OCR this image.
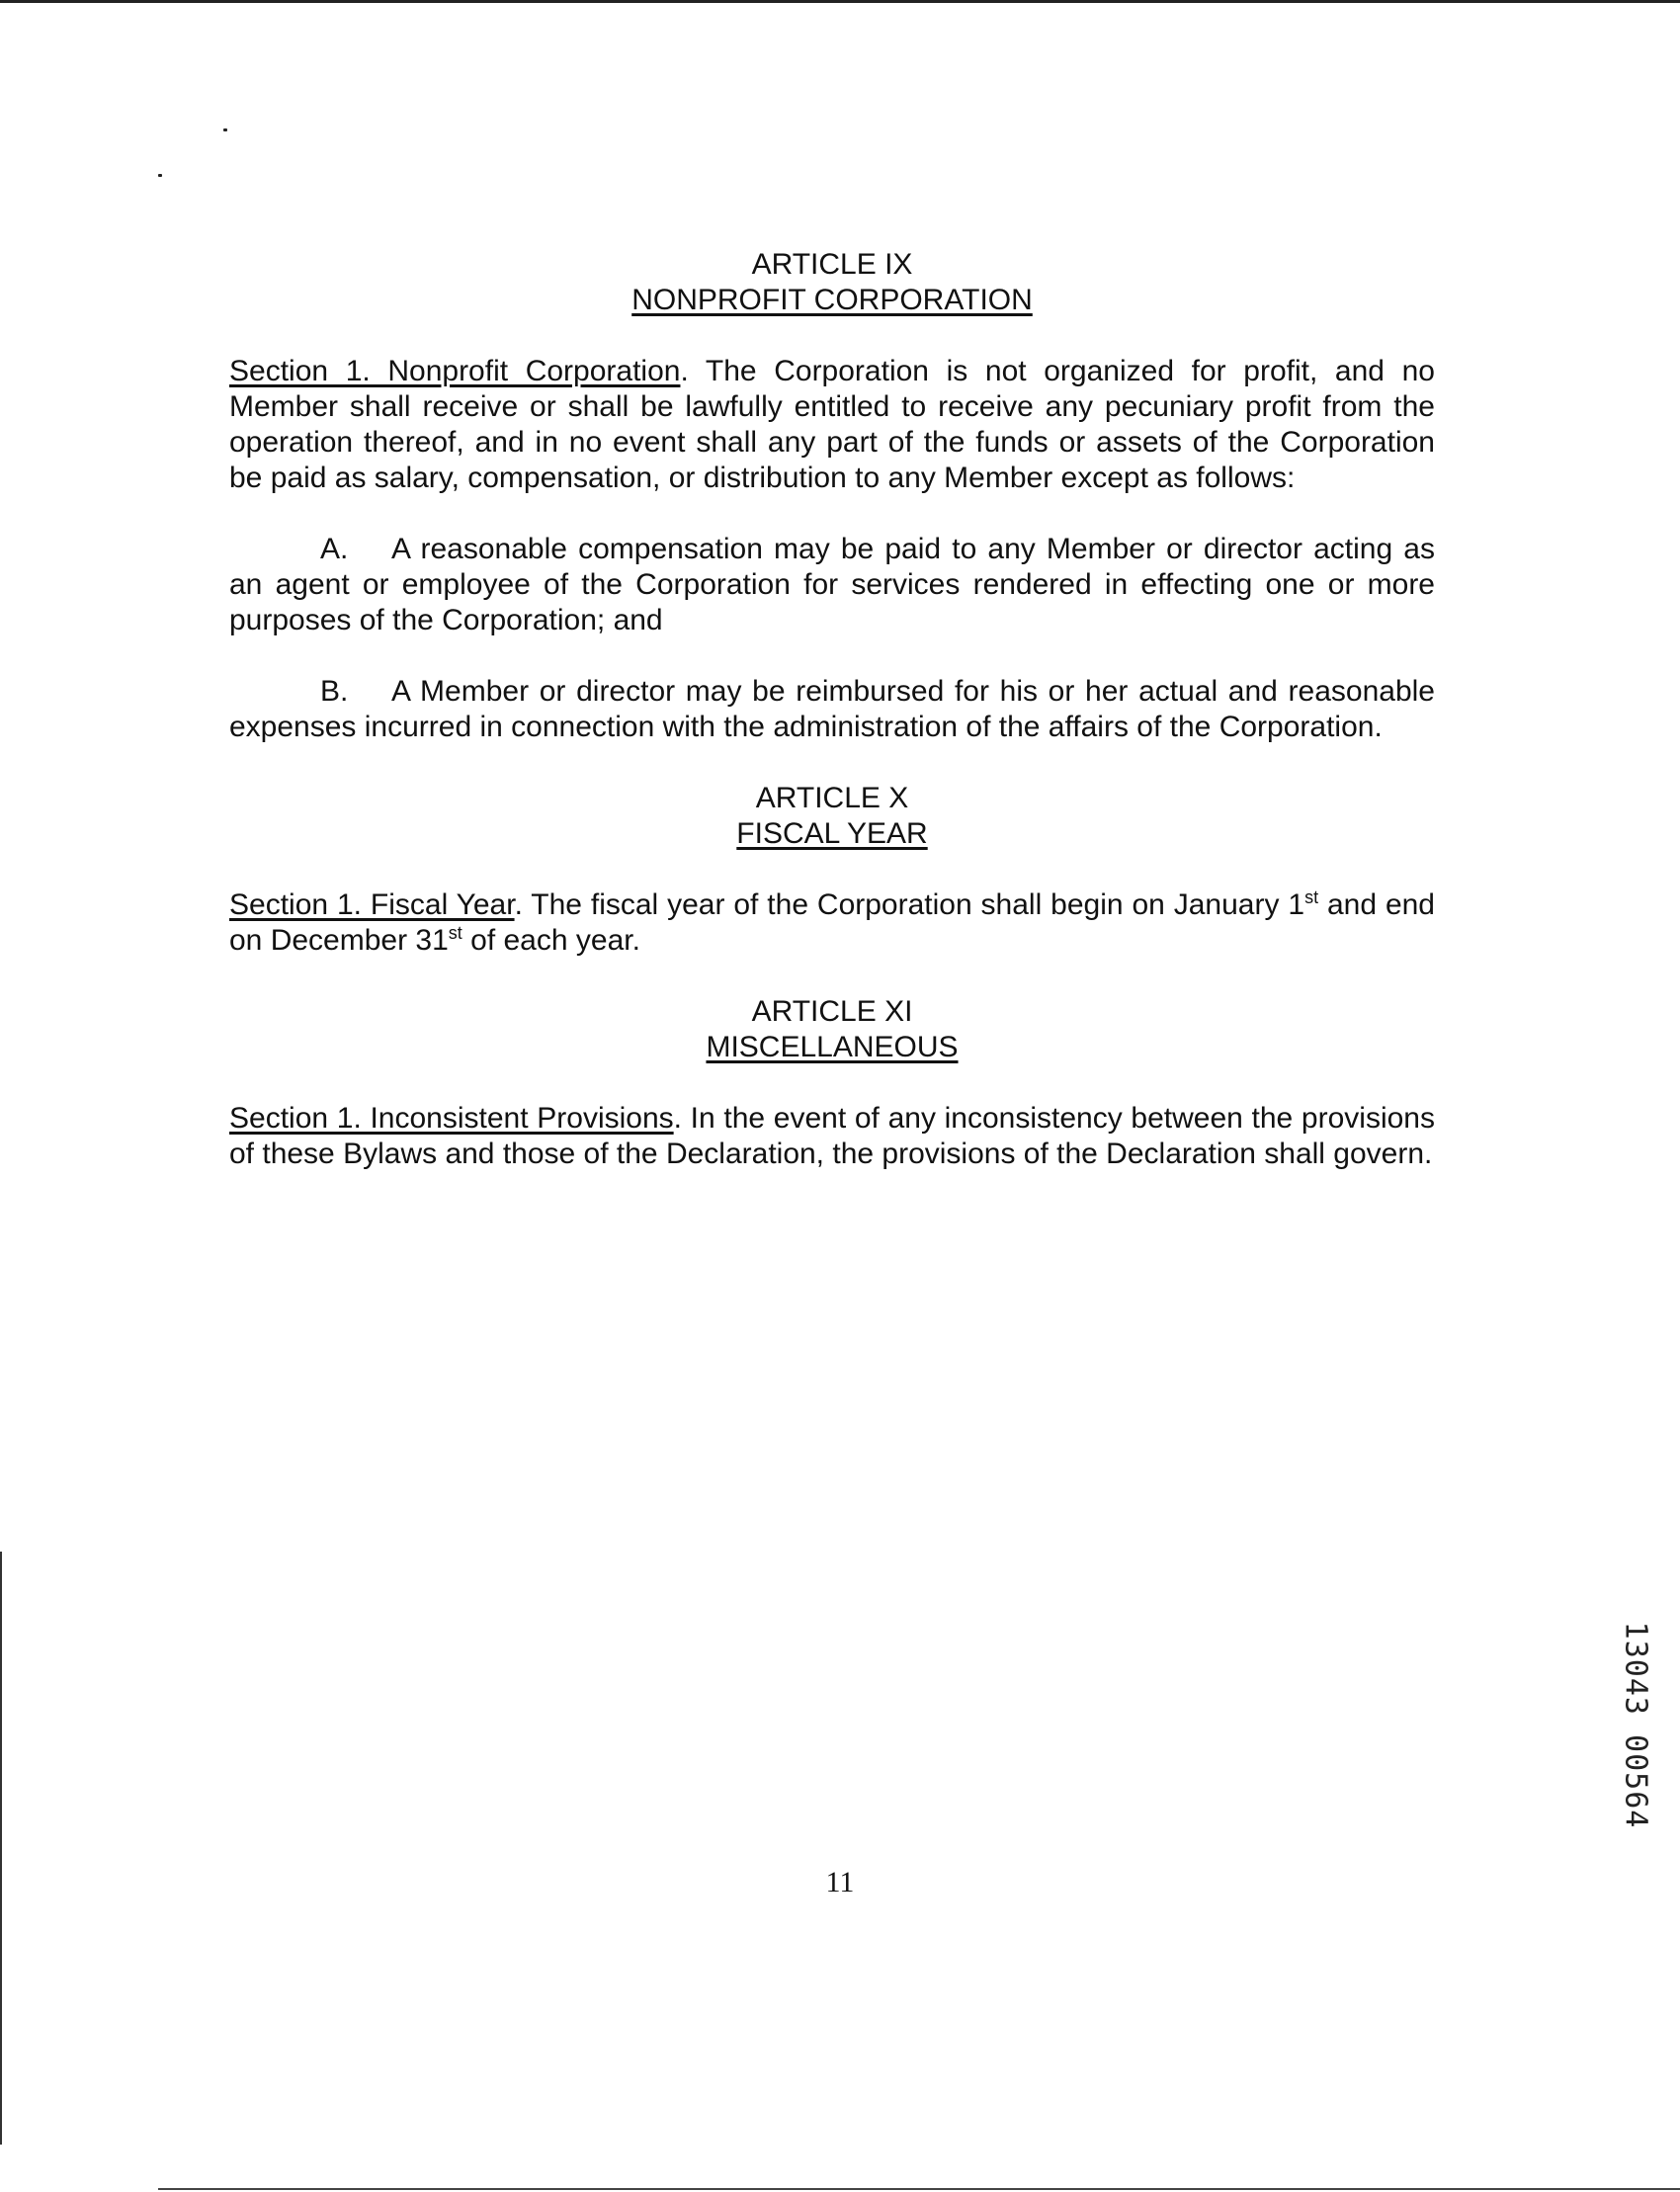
ARTICLE IX
NONPROFIT CORPORATION

Section 1. Nonprofit Corporation. The Corporation is not organized for profit, and no Member shall receive or shall be lawfully entitled to receive any pecuniary profit from the operation thereof, and in no event shall any part of the funds or assets of the Corporation be paid as salary, compensation, or distribution to any Member except as follows:

A. A reasonable compensation may be paid to any Member or director acting as an agent or employee of the Corporation for services rendered in effecting one or more purposes of the Corporation; and

B. A Member or director may be reimbursed for his or her actual and reasonable expenses incurred in connection with the administration of the affairs of the Corporation.

ARTICLE X
FISCAL YEAR

Section 1. Fiscal Year. The fiscal year of the Corporation shall begin on January 1st and end on December 31st of each year.

ARTICLE XI
MISCELLANEOUS

Section 1. Inconsistent Provisions. In the event of any inconsistency between the provisions of these Bylaws and those of the Declaration, the provisions of the Declaration shall govern.

11
13043 00564
